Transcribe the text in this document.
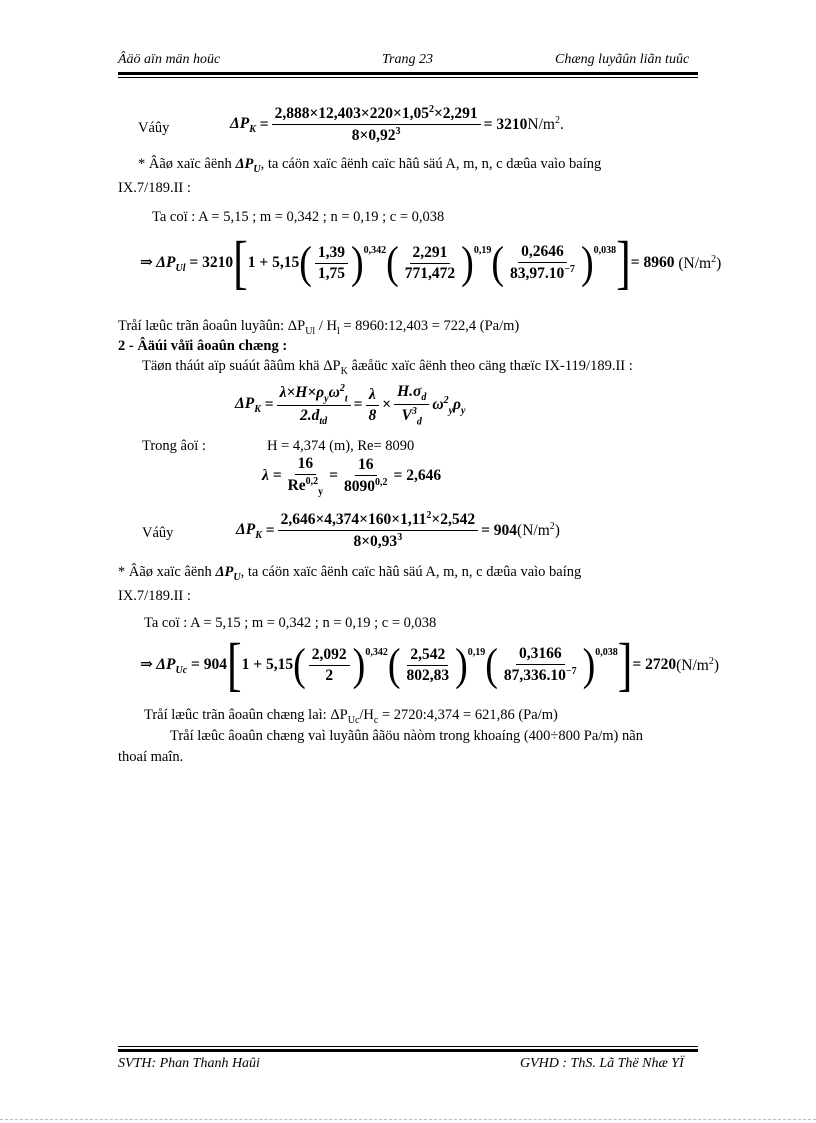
Âäö aïn män hoüc	Trang 23	Chæng luyãûn liãn tuûc
Váûy	$\Delta P_K = \frac{2,888\times 12,403\times 220\times 1,05^2\times 2,291}{8\times 0,92^3} = 3210$ $N/m^2$.
* Âãø xaïc âënh $\Delta P_U$, ta cáön xaïc âënh caïc hãû säú A, m, n, c dæûa vaìo baíng
IX.7/189.II :
Ta coï : A = 5,15 ; m = 0,342 ; n = 0,19 ; c = 0,038
⇒ $\Delta P_{Ul}$
= 3210 [ 1 + 5,15 ( $\frac{1,39}{1,75} )^{0,342}$ ( $\frac{2,291}{771,472} )^{0,19}$ ( $\frac{0,2646}{83,97.10^{-7}} )^{0,038}$ ] = 8960 $(N/m^2)$
Tråí læûc trãn âoaûn luyãûn: $\Delta P_{Ul} / H_l$ = 8960:12,403 = 722,4 (Pa/m)
2 - Âäúi våïi âoaûn chæng :
Täøn tháút aïp suáút âãûm khä $\Delta P_K$ âæåüc xaïc âënh theo cäng thæïc IX-119/189.II :
$\Delta P_K = \frac{\lambda\times H\times\rho_y\omega^2_t}{2.d_{td}} = \frac{\lambda}{8} \times \frac{H.\sigma_d}{V^3_d} \omega^2_y\rho_y$
Trong âoï :	H = 4,374 (m), Re= 8090
$\lambda = \frac{16}{Re^{0,2}_y} = \frac{16}{8090^{0,2}} = 2,646$
Váûy	$\Delta P_K = \frac{2,646\times 4,374\times 160\times 1,11^2\times 2,542}{8\times 0,93^3} = 904$ $(N/m^2)$
* Âãø xaïc âënh $\Delta P_U$, ta cáön xaïc âënh caïc hãû säú A, m, n, c dæûa vaìo baíng
IX.7/189.II :
Ta coï : A = 5,15 ; m = 0,342 ; n = 0,19 ; c = 0,038
⇒ $\Delta P_{Uc}$
= 904 [ 1 + 5,15 ( $\frac{2,092}{2} )^{0,342}$ ( $\frac{2,542}{802,83} )^{0,19}$ ( $\frac{0,3166}{87,336.10^{-7}} )^{0,038}$ ] = 2720 $(N/m^2)$
Tråí læûc trãn âoaûn chæng laì: $\Delta P_{Uc}/H_c$ = 2720:4,374 = 621,86 (Pa/m)
Tråí læûc âoaûn chæng vaì luyãûn âãöu nàòm trong khoaíng (400÷800 Pa/m) nãn
thoaí maîn.
SVTH: Phan Thanh Haûi	GVHD : ThS. Lã Thë Nhæ YÏ
